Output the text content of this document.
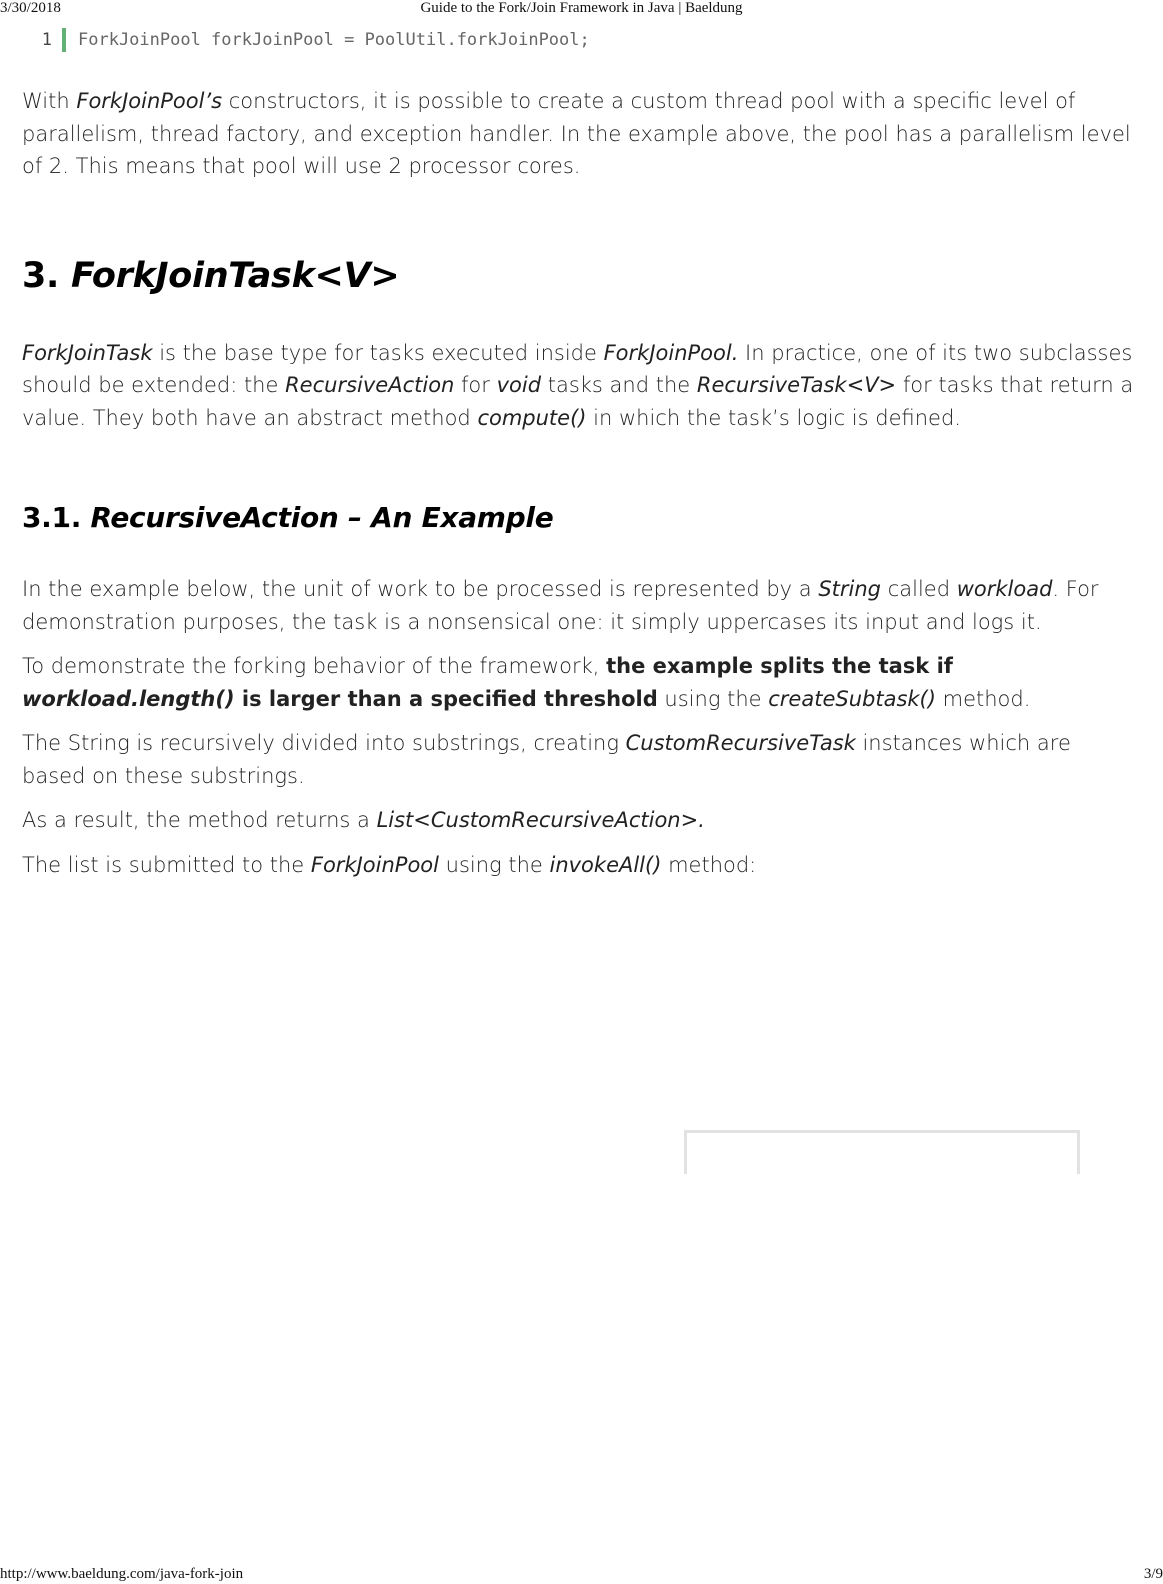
3/30/2018	Guide to the Fork/Join Framework in Java | Baeldung
1 ForkJoinPool forkJoinPool = PoolUtil.forkJoinPool;

With ForkJoinPool’s constructors, it is possible to create a custom thread pool with a specific level of parallelism, thread factory, and exception handler. In the example above, the pool has a parallelism level of 2. This means that pool will use 2 processor cores.

3. ForkJoinTask<V>

ForkJoinTask is the base type for tasks executed inside ForkJoinPool. In practice, one of its two subclasses should be extended: the RecursiveAction for void tasks and the RecursiveTask<V> for tasks that return a value. They both have an abstract method compute() in which the task’s logic is defined.

3.1. RecursiveAction – An Example

In the example below, the unit of work to be processed is represented by a String called workload. For demonstration purposes, the task is a nonsensical one: it simply uppercases its input and logs it.

To demonstrate the forking behavior of the framework, the example splits the task if workload.length() is larger than a specified threshold using the createSubtask() method.

The String is recursively divided into substrings, creating CustomRecursiveTask instances which are based on these substrings.

As a result, the method returns a List<CustomRecursiveAction>.

The list is submitted to the ForkJoinPool using the invokeAll() method:

http://www.baeldung.com/java-fork-join	3/9
